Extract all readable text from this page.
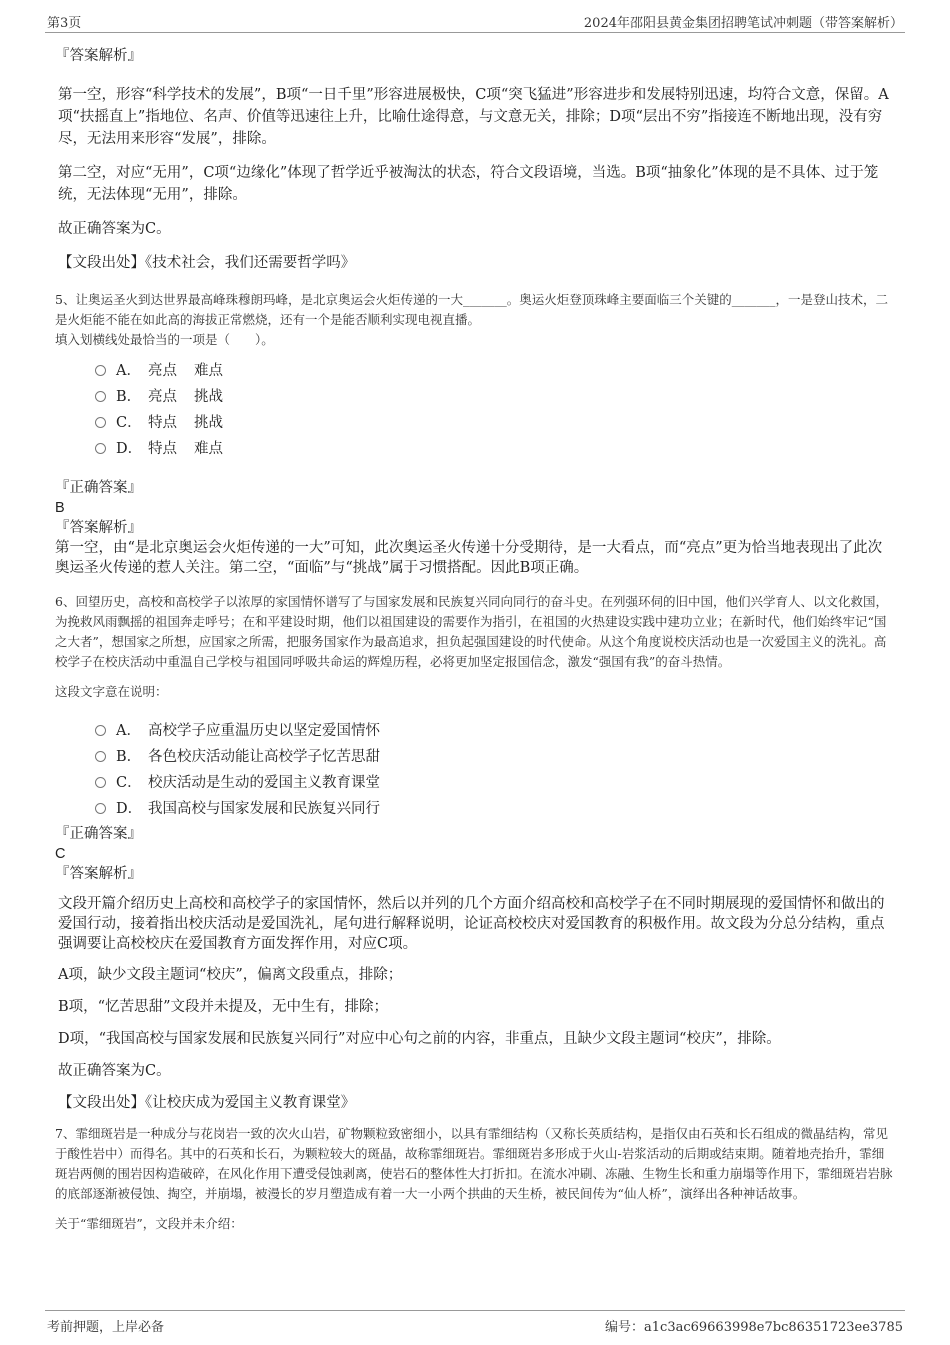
第3页	2024年邵阳县黄金集团招聘笔试冲刺题（带答案解析）

『答案解析』

第一空，形容“科学技术的发展”，B项“一日千里”形容进展极快，C项“突飞猛进”形容进步和发展特别迅速，均符合文意，保留。A项“扶摇直上”指地位、名声、价值等迅速往上升，比喻仕途得意，与文意无关，排除；D项“层出不穷”指接连不断地出现，没有穷尽，无法用来形容“发展”，排除。

第二空，对应“无用”，C项“边缘化”体现了哲学近乎被淘汰的状态，符合文段语境，当选。B项“抽象化”体现的是不具体、过于笼统，无法体现“无用”，排除。

故正确答案为C。

【文段出处】《技术社会，我们还需要哲学吗》

5、让奥运圣火到达世界最高峰珠穆朗玛峰，是北京奥运会火炬传递的一大_______。奥运火炬登顶珠峰主要面临三个关键的_______，一是登山技术，二是火炬能不能在如此高的海拔正常燃烧，还有一个是能否顺利实现电视直播。

填入划横线处最恰当的一项是（　　）。

A． 亮点	难点
B． 亮点	挑战
C． 特点	挑战
D． 特点	难点

『正确答案』

B

『答案解析』

第一空，由“是北京奥运会火炬传递的一大”可知，此次奥运圣火传递十分受期待，是一大看点，而“亮点”更为恰当地表现出了此次奥运圣火传递的惹人关注。第二空，“面临”与“挑战”属于习惯搭配。因此B项正确。

6、回望历史，高校和高校学子以浓厚的家国情怀谱写了与国家发展和民族复兴同向同行的奋斗史。在列强环伺的旧中国，他们兴学育人、以文化救国，为挽救风雨飘摇的祖国奔走呼号；在和平建设时期，他们以祖国建设的需要作为指引，在祖国的火热建设实践中建功立业；在新时代，他们始终牢记“国之大者”，想国家之所想，应国家之所需，把服务国家作为最高追求，担负起强国建设的时代使命。从这个角度说校庆活动也是一次爱国主义的洗礼。高校学子在校庆活动中重温自己学校与祖国同呼吸共命运的辉煌历程，必将更加坚定报国信念，激发“强国有我”的奋斗热情。

这段文字意在说明：

A． 高校学子应重温历史以坚定爱国情怀
B． 各色校庆活动能让高校学子忆苦思甜
C． 校庆活动是生动的爱国主义教育课堂
D． 我国高校与国家发展和民族复兴同行

『正确答案』

C

『答案解析』

文段开篇介绍历史上高校和高校学子的家国情怀，然后以并列的几个方面介绍高校和高校学子在不同时期展现的爱国情怀和做出的爱国行动，接着指出校庆活动是爱国洗礼，尾句进行解释说明，论证高校校庆对爱国教育的积极作用。故文段为分总分结构，重点强调要让高校校庆在爱国教育方面发挥作用，对应C项。

A项，缺少文段主题词“校庆”，偏离文段重点，排除；

B项，“忆苦思甜”文段并未提及，无中生有，排除；

D项，“我国高校与国家发展和民族复兴同行”对应中心句之前的内容，非重点，且缺少文段主题词“校庆”，排除。

故正确答案为C。

【文段出处】《让校庆成为爱国主义教育课堂》

7、霏细斑岩是一种成分与花岗岩一致的次火山岩，矿物颗粒致密细小，以具有霏细结构（又称长英质结构，是指仅由石英和长石组成的微晶结构，常见于酸性岩中）而得名。其中的石英和长石，为颗粒较大的斑晶，故称霏细斑岩。霏细斑岩多形成于火山-岩浆活动的后期或结束期。随着地壳抬升，霏细斑岩两侧的围岩因构造破碎，在风化作用下遭受侵蚀剥离，使岩石的整体性大打折扣。在流水冲刷、冻融、生物生长和重力崩塌等作用下，霏细斑岩岩脉的底部逐渐被侵蚀、掏空，并崩塌，被漫长的岁月塑造成有着一大一小两个拱曲的天生桥，被民间传为“仙人桥”，演绎出各种神话故事。

关于“霏细斑岩”，文段并未介绍：

考前押题，上岸必备	编号：a1c3ac69663998e7bc86351723ee3785
